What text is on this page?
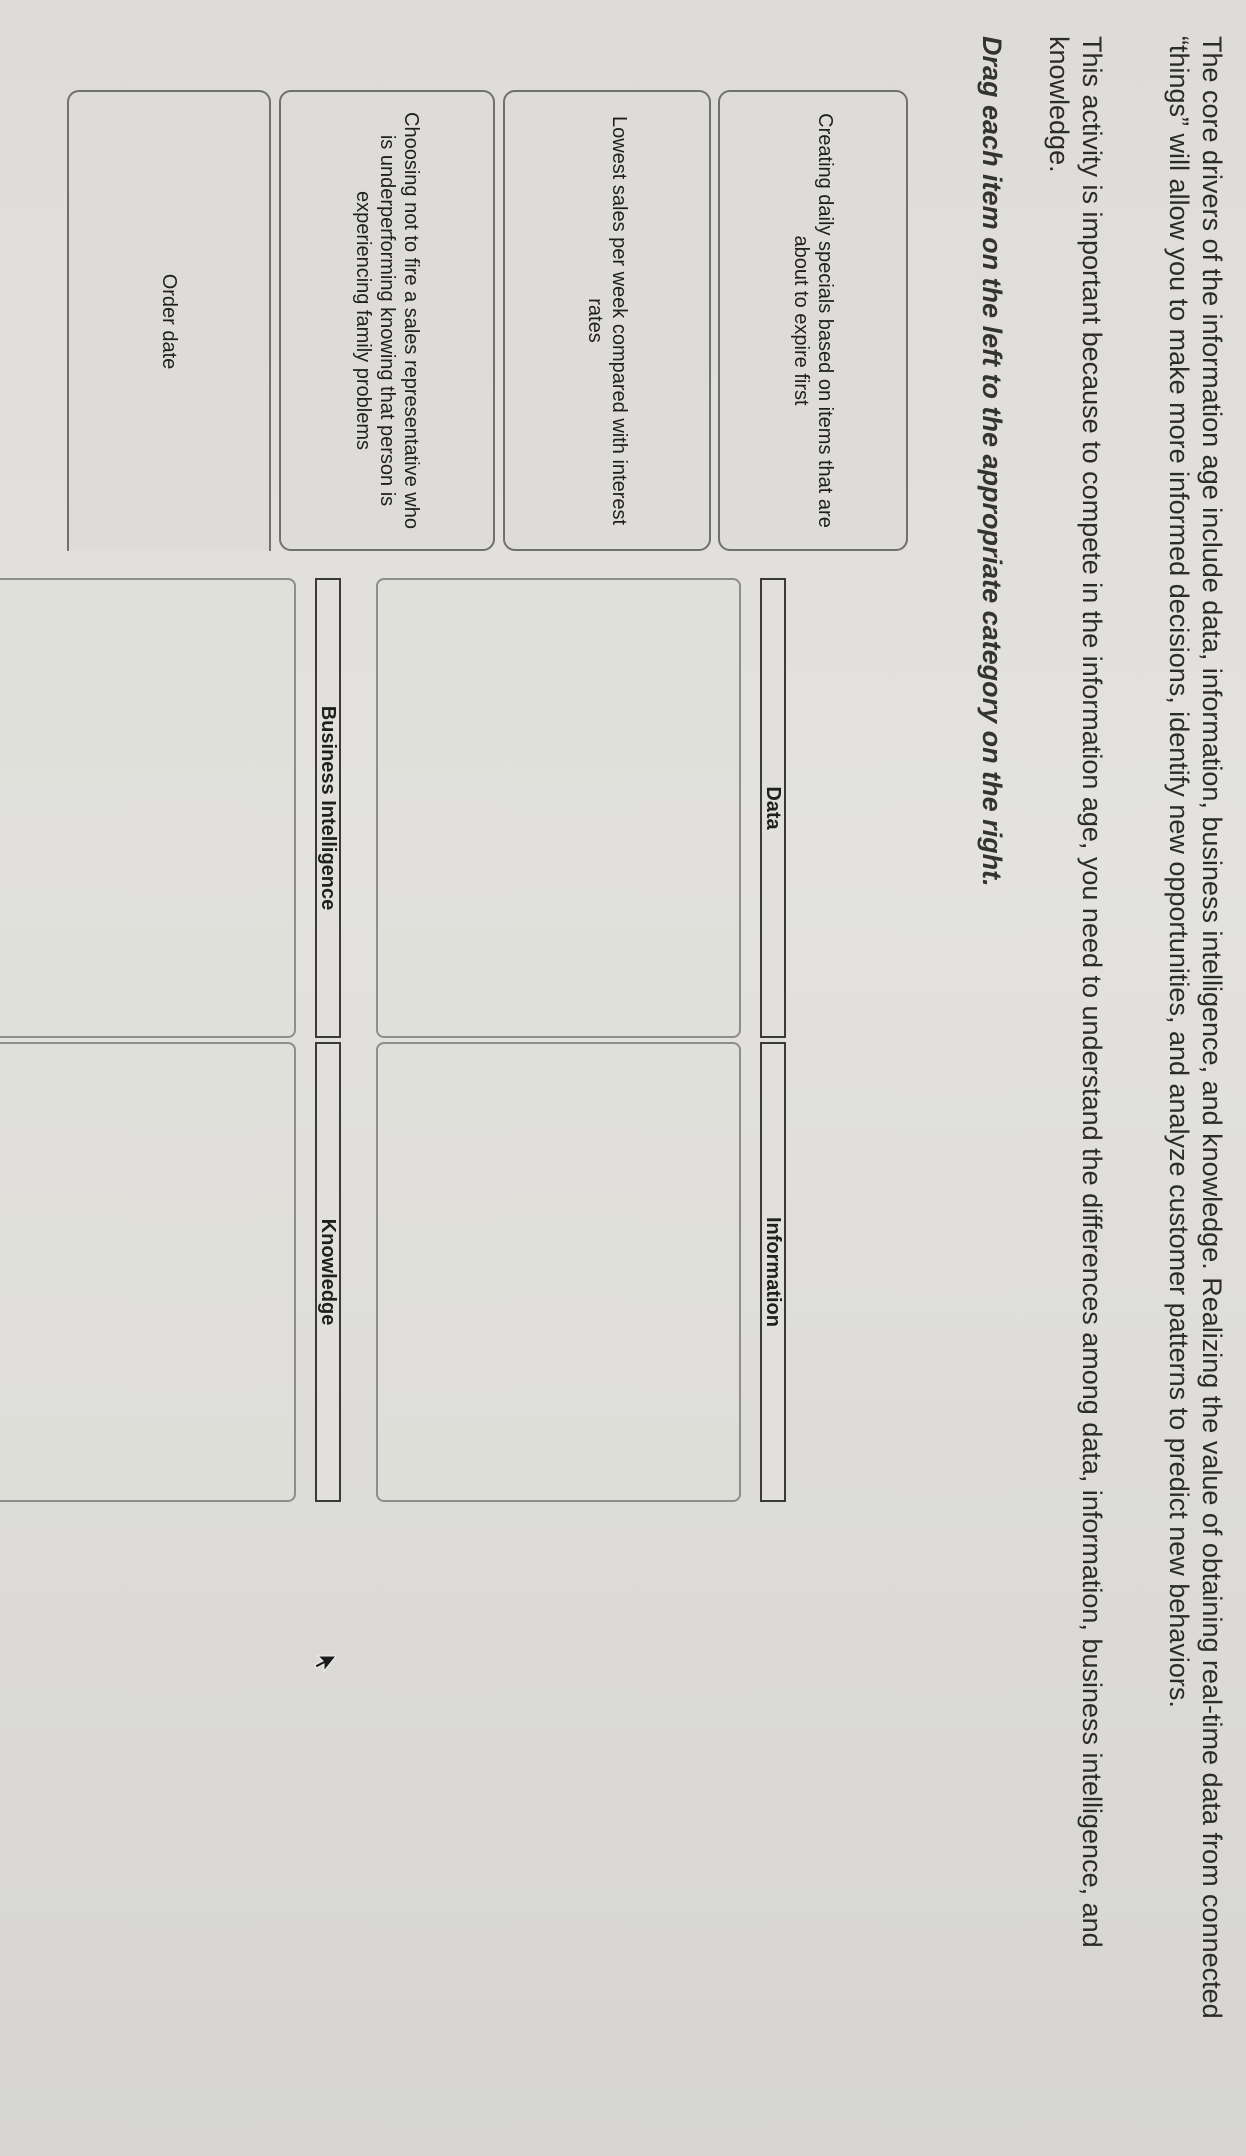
The core drivers of the information age include data, information, business intelligence, and knowledge. Realizing the value of obtaining real-time data from connected “things” will allow you to make more informed decisions, identify new opportunities, and analyze customer patterns to predict new behaviors.

This activity is important because to compete in the information age, you need to understand the differences among data, information, business intelligence, and knowledge.

Drag each item on the left to the appropriate category on the right.

Creating daily specials based on items that are about to expire first
Lowest sales per week compared with interest rates
Choosing not to fire a sales representative who is underperforming knowing that person is experiencing family problems
Order date
Data
Information
Business Intelligence
Knowledge
